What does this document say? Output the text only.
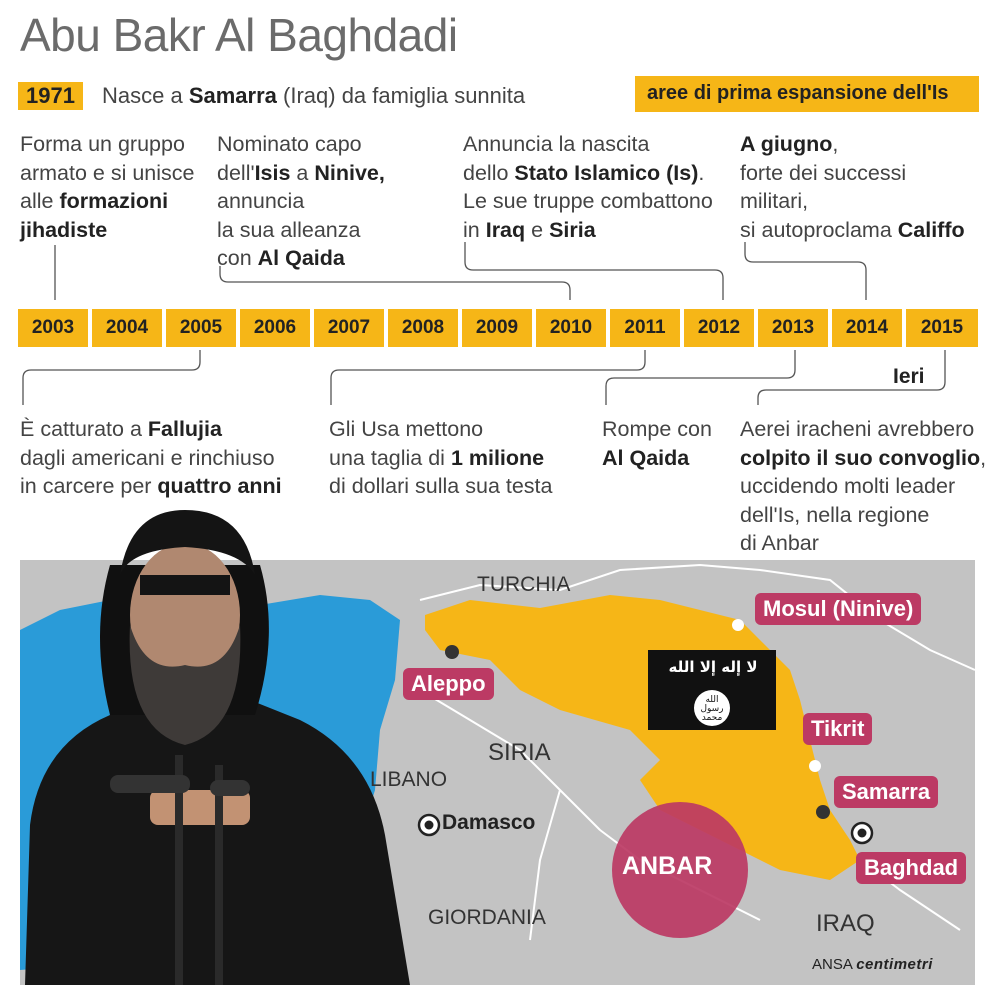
Abu Bakr Al Baghdadi
1971	Nasce a Samarra (Iraq) da famiglia sunnita	aree di prima espansione dell'Is
Forma un gruppo
armato e si unisce
alle formazioni
jihadiste
Nominato capo
dell'Isis a Ninive,
annuncia
la sua alleanza
con Al Qaida
Annuncia la nascita
dello Stato Islamico (Is).
Le sue truppe combattono
in Iraq e Siria
A giugno,
forte dei successi
militari,
si autoproclama Califfo
2003	2004	2005	2006	2007	2008	2009	2010	2011	2012	2013	2014	2015
Ieri
È catturato a Fallujia
dagli americani e rinchiuso
in carcere per quattro anni
Gli Usa mettono
una taglia di 1 milione
di dollari sulla sua testa
Rompe con
Al Qaida
Aerei iracheni avrebbero
colpito il suo convoglio,
uccidendo molti leader
dell'Is, nella regione
di Anbar
لا إله إلا الله
الله
رسول
محمد
TURCHIA
SIRIA
LIBANO
GIORDANIA	IRAQ
Mosul (Ninive)
Aleppo
Tikrit
Samarra
Baghdad
Damasco
ANBAR
ANSA centimetri
